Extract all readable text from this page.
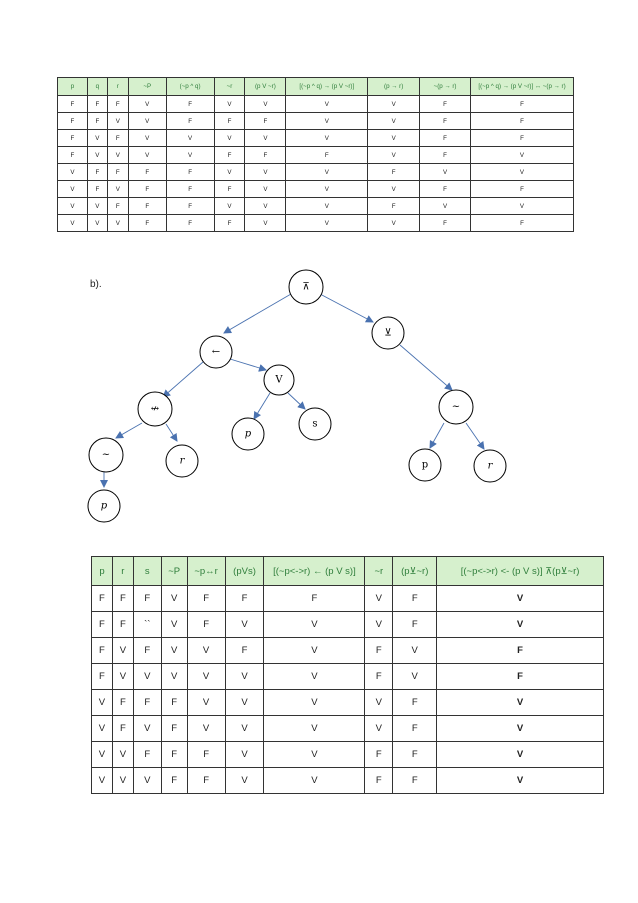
p	q	r	~P	(~p ^ q)	~r	(p V ~r)	[(~p ^ q) → (p V ~r)]	(p → r)	~(p → r)	[(~p ^ q) → (p V ~r)] ↔ ~(p → r)
F	F	F	V	F	V	V	V	V	F	F
F	F	V	V	F	F	F	V	V	F	F
F	V	F	V	V	V	V	V	V	F	F
F	V	V	V	V	F	F	F	V	F	V
V	F	F	F	F	V	V	V	F	V	V
V	F	V	F	F	F	V	V	V	F	F
V	V	F	F	F	V	V	V	F	V	V
V	V	V	F	F	F	V	V	V	F	F
b).	⊼
⊻
←
V
↮	~
p
s
~
r	p	r
p
p	r	s	~P	~p↔r	(pVs)	[(~p<->r) ← (p V s)]	~r	(p⊻~r)	[(~p<->r) <- (p V s)] ⊼(p⊻~r)
F	F	F	V	F	F	F	V	F	V
F	F	``	V	F	V	V	V	F	V
F	V	F	V	V	F	V	F	V	F
F	V	V	V	V	V	V	F	V	F
V	F	F	F	V	V	V	V	F	V
V	F	V	F	V	V	V	V	F	V
V	V	F	F	F	V	V	F	F	V
V	V	V	F	F	V	V	F	F	V
